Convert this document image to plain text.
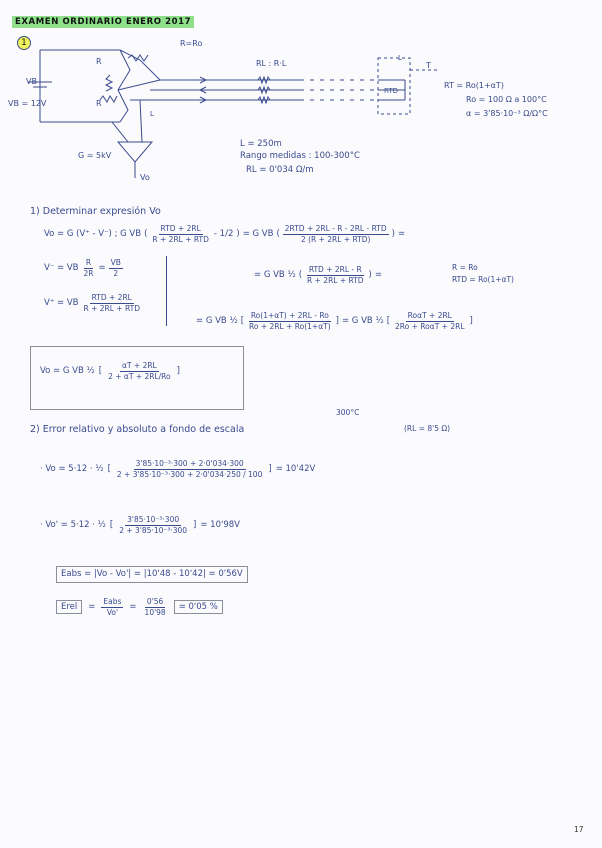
EXAMEN ORDINARIO ENERO 2017
1
VB
VB = 12V
R=Ro
R
R
L
RL : R·L
RTD
T
L
RT = Ro(1+αT)
Ro = 100 Ω a 100°C
α = 3'85·10⁻³ Ω/Ω°C
G = 5kV
Vo
L = 250m
Rango medidas : 100-300°C
RL = 0'034 Ω/m
1) Determinar expresión Vo
Vo = G (V⁺ - V⁻) ; G VB ( $\frac{\text{RTD + 2RL}}{\text{R + 2RL + RTD}} - 1/2$ ) = G VB ( $\frac{\text{2RTD + 2RL - R - 2RL - RTD}}{\text{2 (R + 2RL + RTD)}}$ ) =
V⁻ = VB $\frac{R}{2R} = \frac{VB}{2}$	= G VB ½ ( $\frac{\text{RTD + 2RL - R}}{\text{R + 2RL + RTD}}$ ) =
R = Ro
RTD = Ro(1+αT)
V⁺ = VB $\frac{\text{RTD + 2RL}}{\text{R + 2RL + RTD}}$
= G VB ½ [ $\frac{Ro(1+\alpha T) + 2RL - Ro}{Ro + 2RL + Ro(1+\alpha T)}$ ] = G VB ½ [ $\frac{\text{RoαT + 2RL}}{\text{2Ro + RoαT + 2RL}}$ ]
Vo = G VB ½ [ $\frac{\alpha T + 2RL}{2 + \alpha T + 2RL/Ro}$ ]
300°C
2) Error relativo y absoluto a fondo de escala	(RL = 8'5 Ω)
· Vo = 5·12 · ½ [ $\frac{\text{3'85·10⁻³·300 + 2·0'034·300}}{\text{2 + 3'85·10⁻³·300 + 2·0'034·250 / 100}}$ ] = 10'42V
· Vo' = 5·12 · ½ [ $\frac{\text{3'85·10⁻³·300}}{\text{2 + 3'85·10⁻³·300}}$ ] = 10'98V
Eabs = |Vo - Vo'| = |10'48 - 10'42| = 0'56V
Erel	= $\frac{\text{Eabs}}{Vo'} = \frac{0'56}{10'98}$	= 0'05 %
17
